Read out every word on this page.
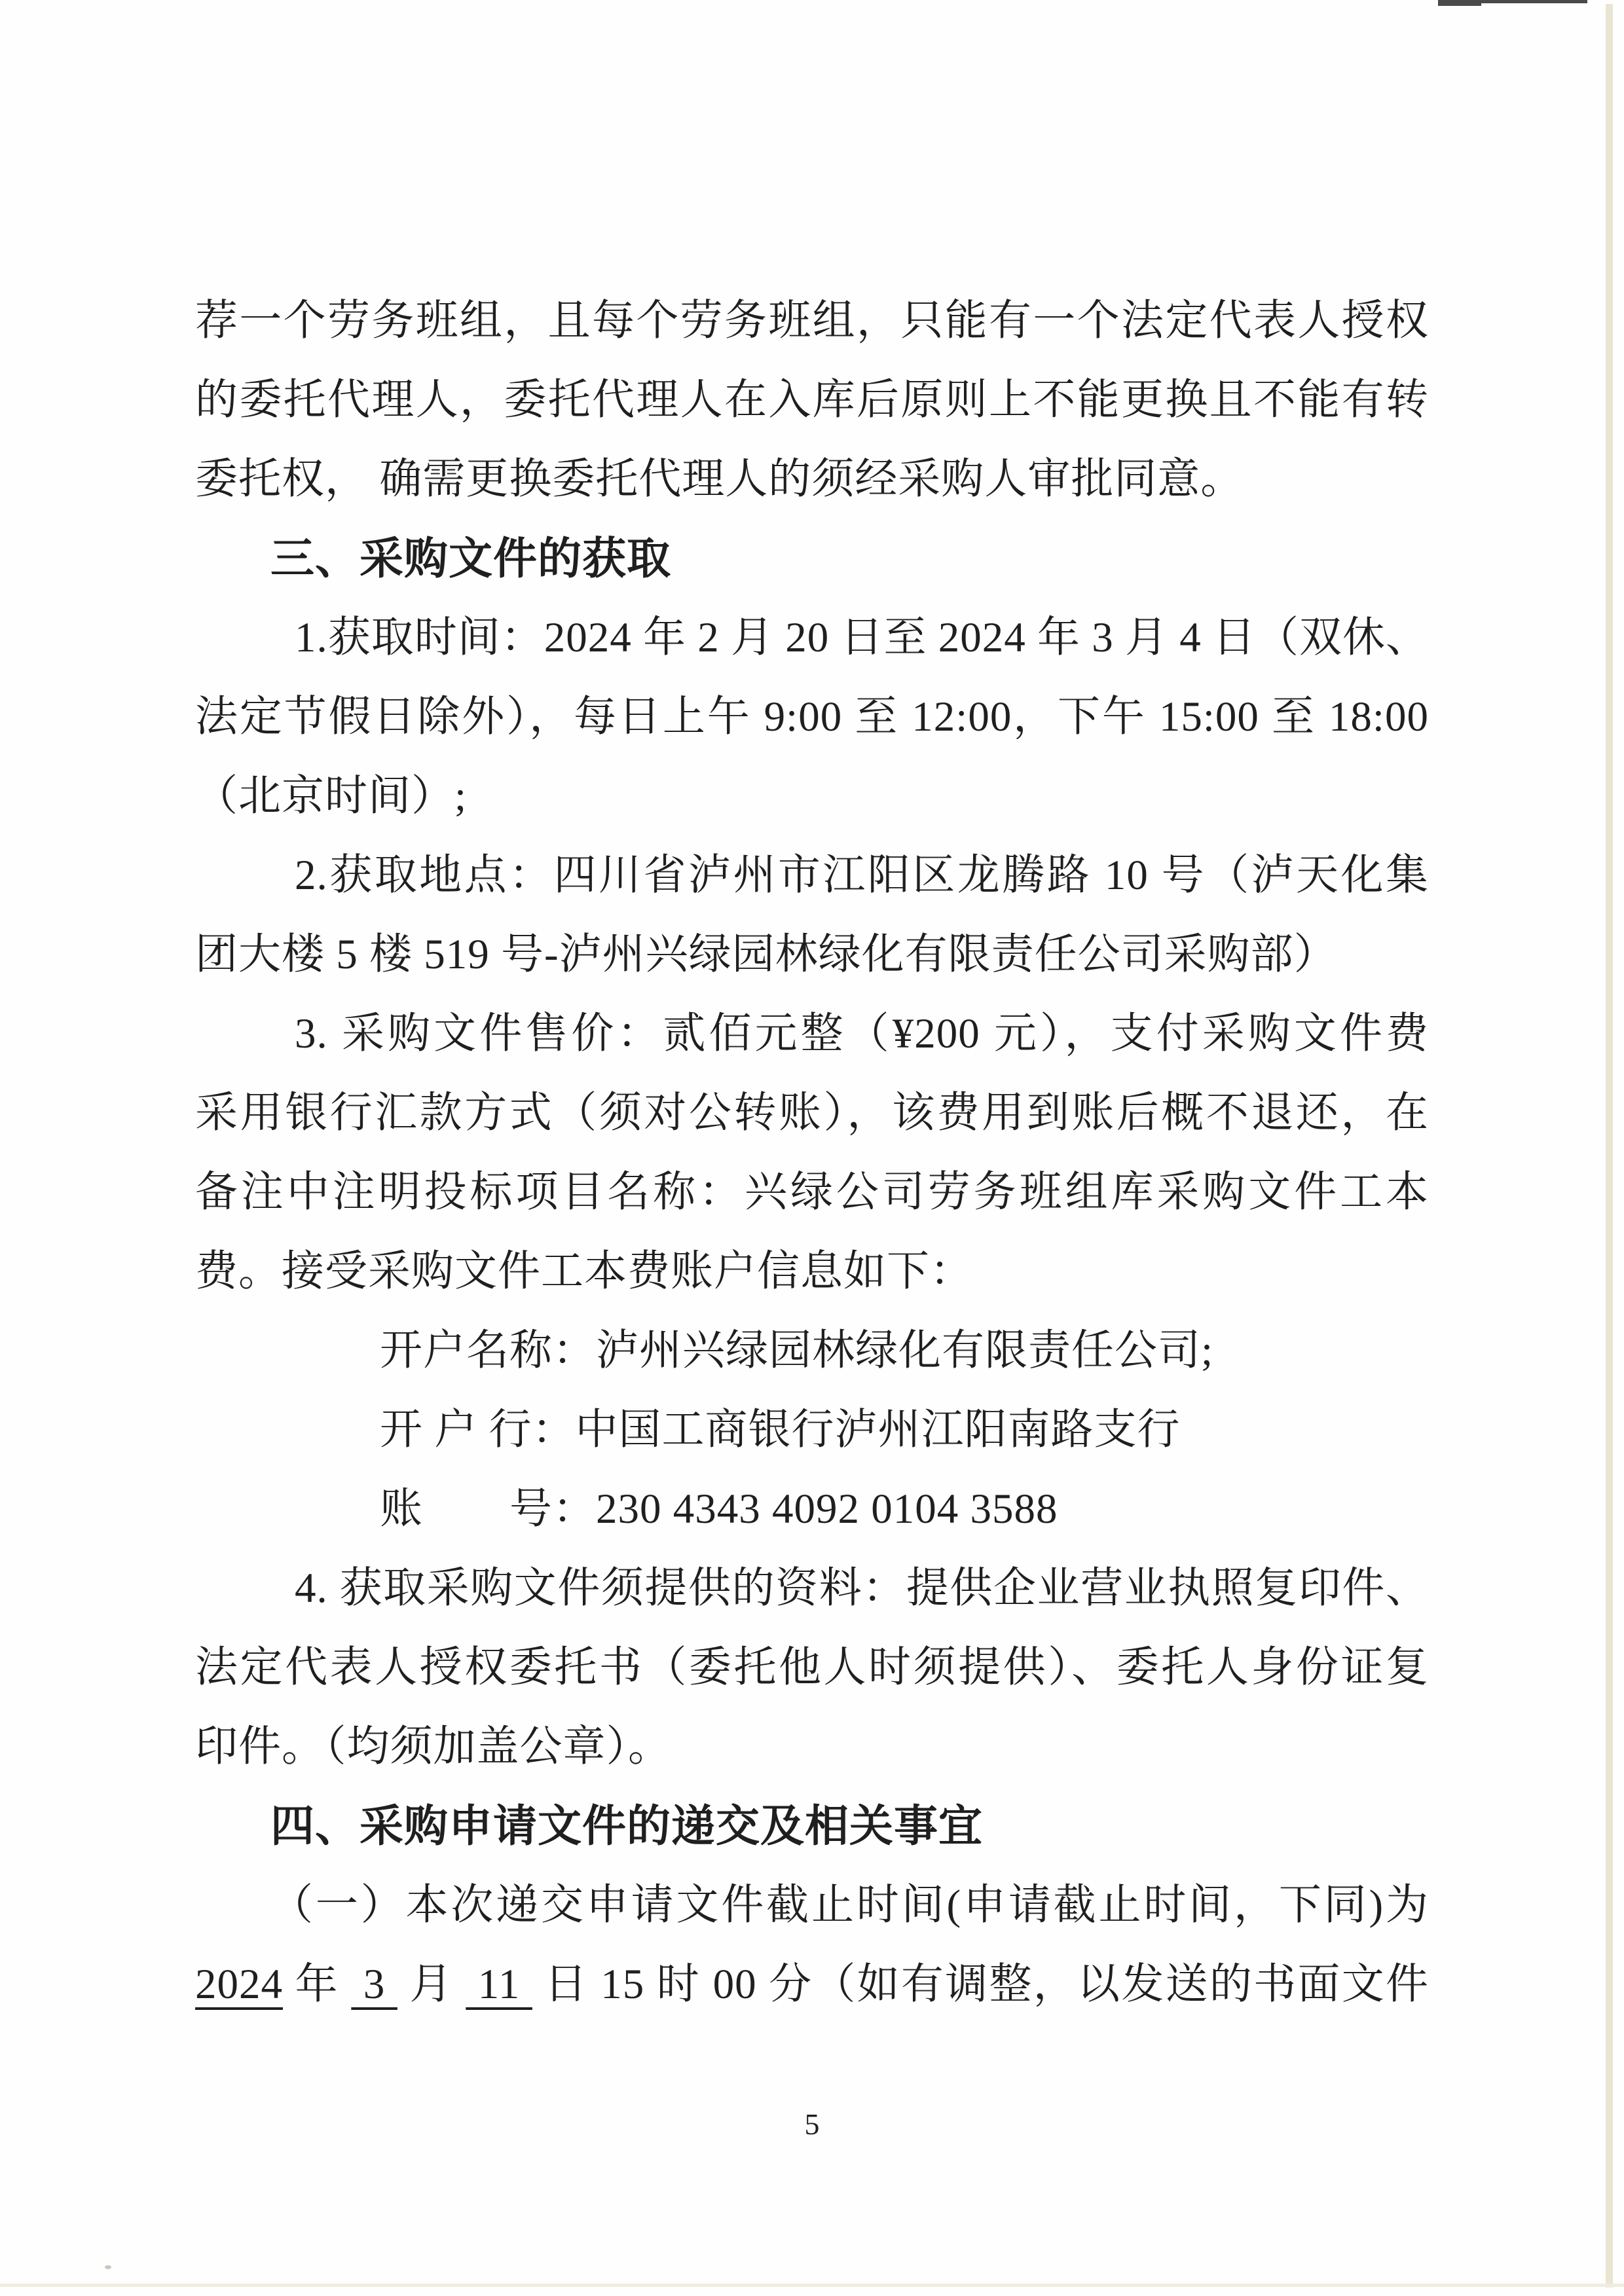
荐一个劳务班组，且每个劳务班组，只能有一个法定代表人授权
的委托代理人，委托代理人在入库后原则上不能更换且不能有转
委托权， 确需更换委托代理人的须经采购人审批同意。
三、采购文件的获取
1.获取时间：2024 年 2 月 20 日至 2024 年 3 月 4 日（双休、
法定节假日除外），每日上午 9:00 至 12:00，下午 15:00 至 18:00
（北京时间）;
2.获取地点：四川省泸州市江阳区龙腾路 10 号（泸天化集
团大楼 5 楼 519 号-泸州兴绿园林绿化有限责任公司采购部）
3. 采购文件售价：贰佰元整（¥200 元），支付采购文件费
采用银行汇款方式（须对公转账），该费用到账后概不退还，在
备注中注明投标项目名称：兴绿公司劳务班组库采购文件工本
费。接受采购文件工本费账户信息如下：
开户名称：泸州兴绿园林绿化有限责任公司;
开 户 行：中国工商银行泸州江阳南路支行
账　　号：230 4343 4092 0104 3588
4. 获取采购文件须提供的资料：提供企业营业执照复印件、
法定代表人授权委托书（委托他人时须提供）、委托人身份证复
印件。（均须加盖公章）。
四、采购申请文件的递交及相关事宜
（一）本次递交申请文件截止时间(申请截止时间，下同)为
2024 年  3  月  11  日 15 时 00 分（如有调整，以发送的书面文件
5
